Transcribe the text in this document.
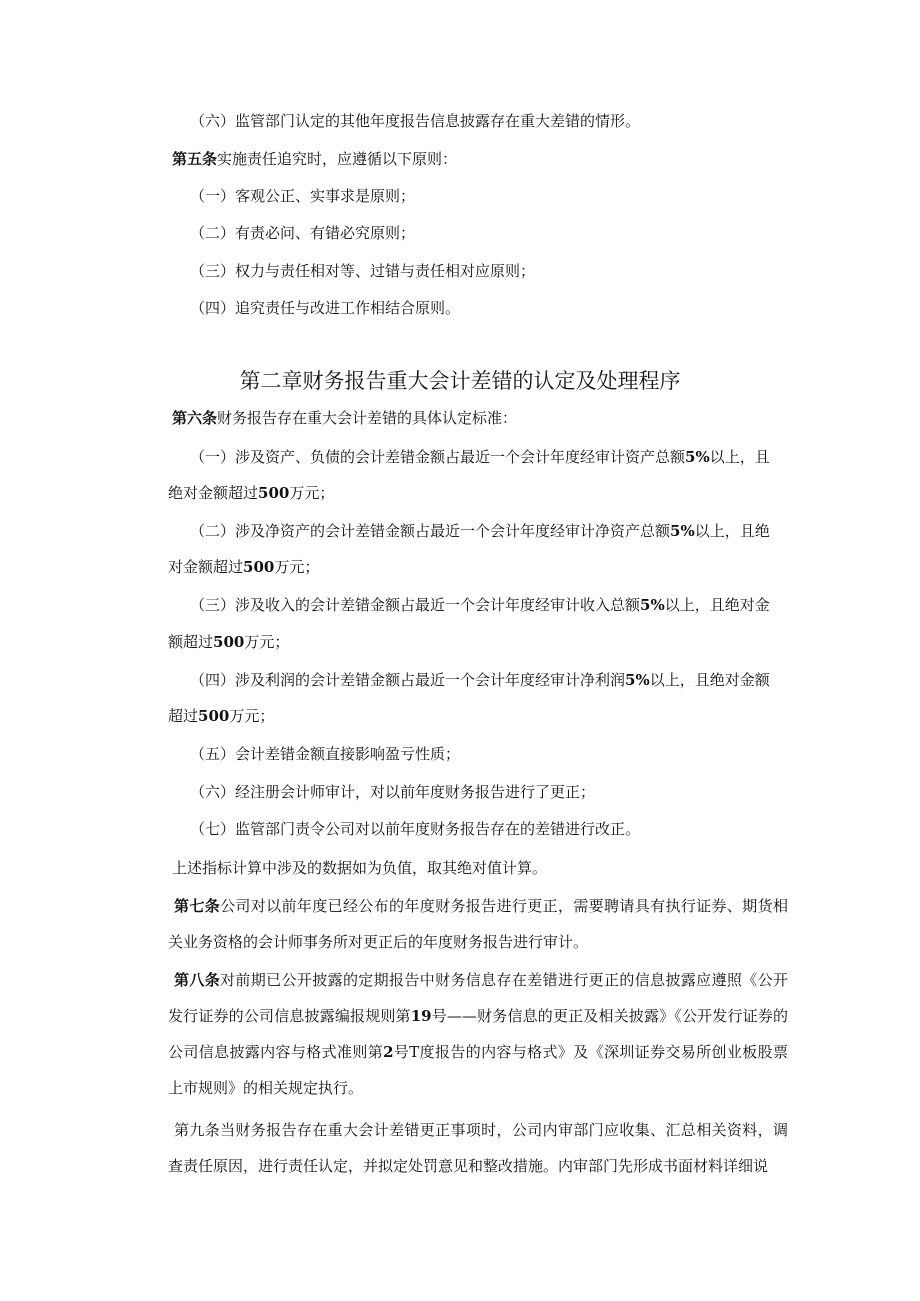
（六）监管部门认定的其他年度报告信息披露存在重大差错的情形。
第五条实施责任追究时，应遵循以下原则：
（一）客观公正、实事求是原则；
（二）有责必问、有错必究原则；
（三）权力与责任相对等、过错与责任相对应原则；
（四）追究责任与改进工作相结合原则。
第二章财务报告重大会计差错的认定及处理程序
第六条财务报告存在重大会计差错的具体认定标准：
（一）涉及资产、负债的会计差错金额占最近一个会计年度经审计资产总额5%以上，且
绝对金额超过500万元；
（二）涉及净资产的会计差错金额占最近一个会计年度经审计净资产总额5%以上，且绝
对金额超过500万元；
（三）涉及收入的会计差错金额占最近一个会计年度经审计收入总额5%以上，且绝对金
额超过500万元；
（四）涉及利润的会计差错金额占最近一个会计年度经审计净利润5%以上，且绝对金额
超过500万元；
（五）会计差错金额直接影响盈亏性质；
（六）经注册会计师审计，对以前年度财务报告进行了更正；
（七）监管部门责令公司对以前年度财务报告存在的差错进行改正。
上述指标计算中涉及的数据如为负值，取其绝对值计算。
第七条公司对以前年度已经公布的年度财务报告进行更正，需要聘请具有执行证券、期货相关业务资格的会计师事务所对更正后的年度财务报告进行审计。
第八条对前期已公开披露的定期报告中财务信息存在差错进行更正的信息披露应遵照《公开发行证券的公司信息披露编报规则第19号——财务信息的更正及相关披露》《公开发行证券的公司信息披露内容与格式准则第2号T度报告的内容与格式》及《深圳证券交易所创业板股票上市规则》的相关规定执行。
第九条当财务报告存在重大会计差错更正事项时，公司内审部门应收集、汇总相关资料，调查责任原因，进行责任认定，并拟定处罚意见和整改措施。内审部门先形成书面材料详细说
